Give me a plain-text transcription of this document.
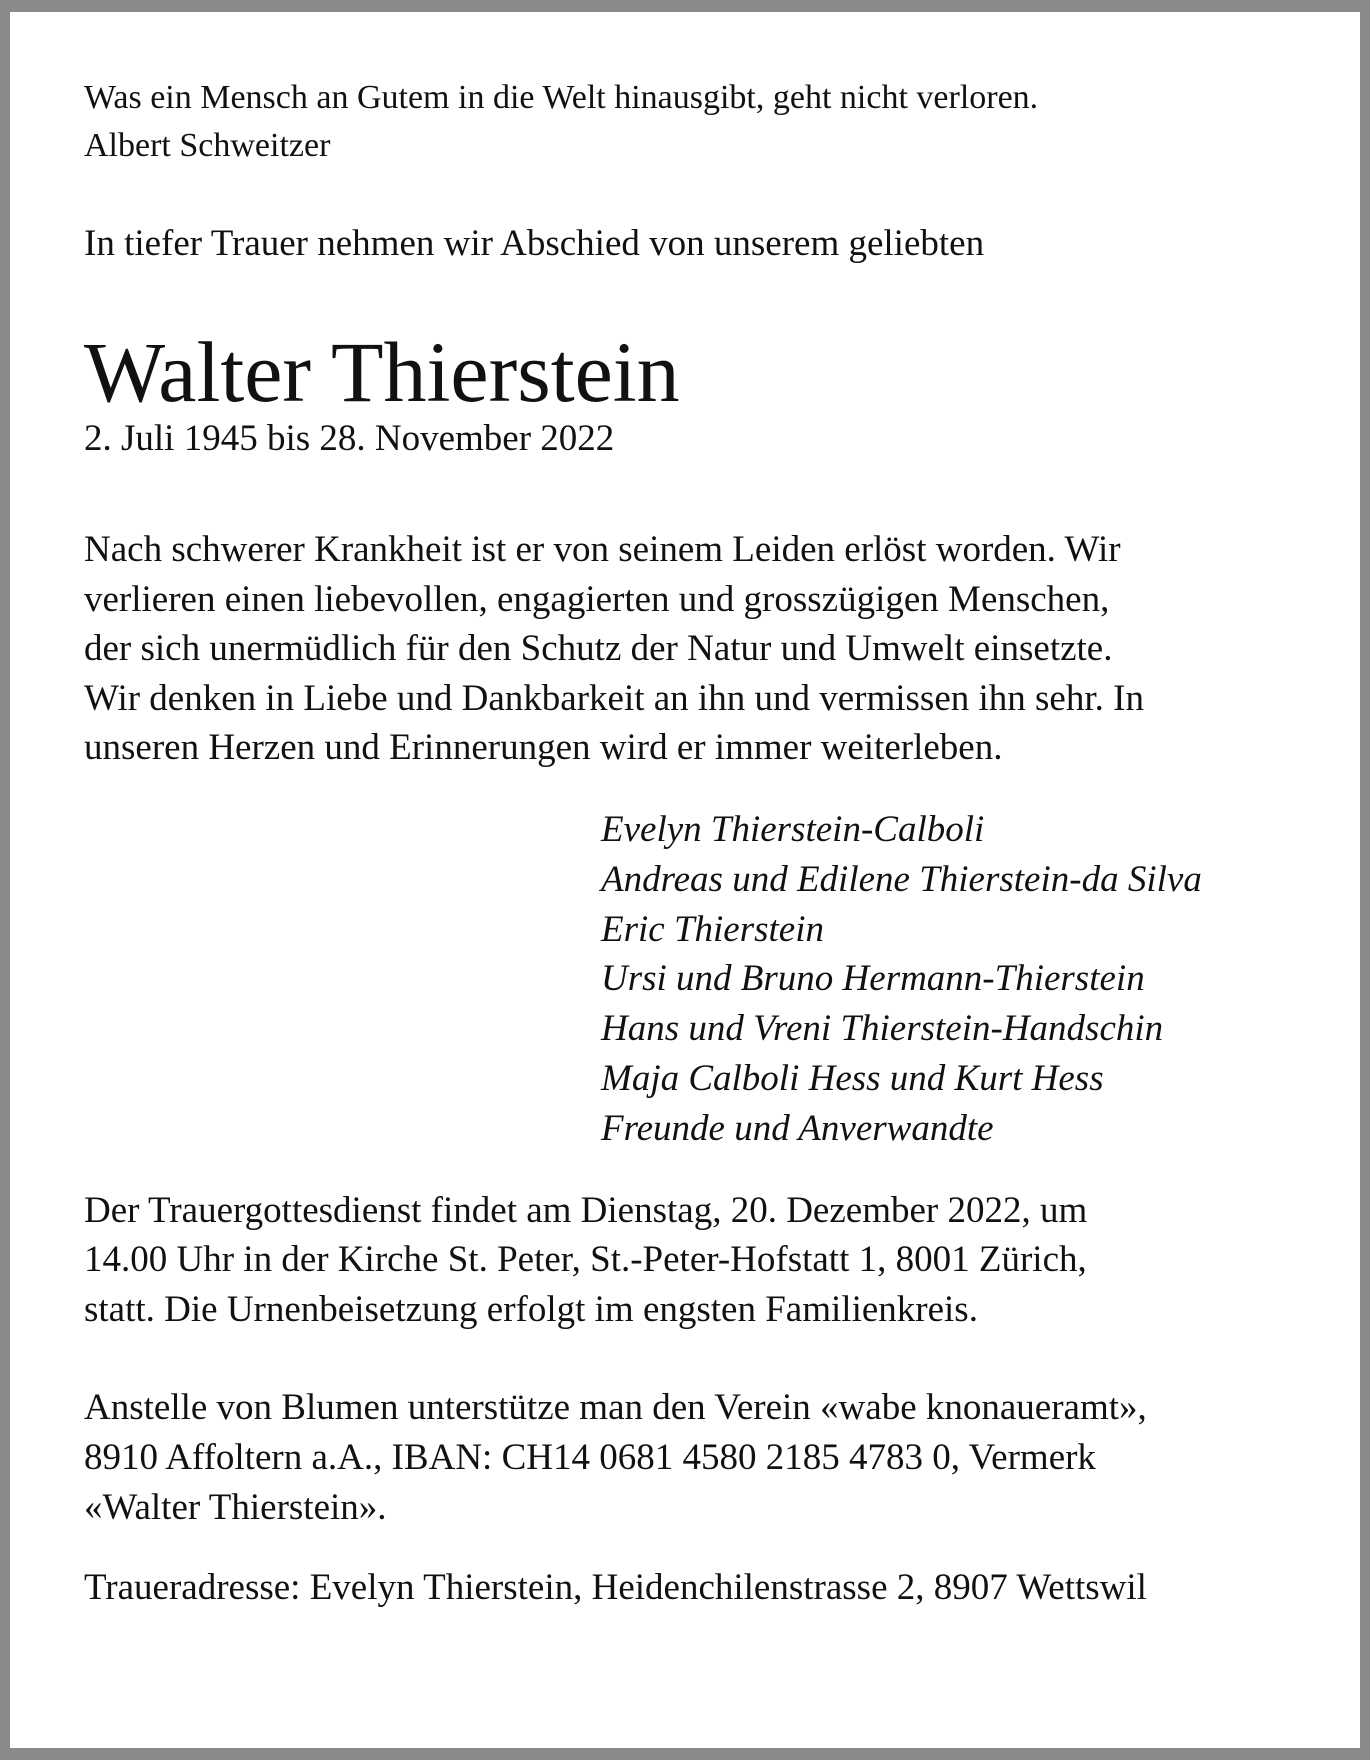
Was ein Mensch an Gutem in die Welt hinausgibt, geht nicht verloren.

Albert Schweitzer

In tiefer Trauer nehmen wir Abschied von unserem geliebten

Walter Thierstein

2. Juli 1945 bis 28. November 2022

Nach schwerer Krankheit ist er von seinem Leiden erlöst worden. Wir

verlieren einen liebevollen, engagierten und grosszügigen Menschen,

der sich unermüdlich für den Schutz der Natur und Umwelt einsetzte.

Wir denken in Liebe und Dankbarkeit an ihn und vermissen ihn sehr. In

unseren Herzen und Erinnerungen wird er immer weiterleben.

Evelyn Thierstein-Calboli

Andreas und Edilene Thierstein-da Silva

Eric Thierstein

Ursi und Bruno Hermann-Thierstein

Hans und Vreni Thierstein-Handschin

Maja Calboli Hess und Kurt Hess

Freunde und Anverwandte

Der Trauergottesdienst findet am Dienstag, 20. Dezember 2022, um

14.00 Uhr in der Kirche St. Peter, St.-Peter-Hofstatt 1, 8001 Zürich,

statt. Die Urnenbeisetzung erfolgt im engsten Familienkreis.

Anstelle von Blumen unterstütze man den Verein «wabe knonaueramt»,

8910 Affoltern a.A., IBAN: CH14 0681 4580 2185 4783 0, Vermerk

«Walter Thierstein».

Traueradresse: Evelyn Thierstein, Heidenchilenstrasse 2, 8907 Wettswil
